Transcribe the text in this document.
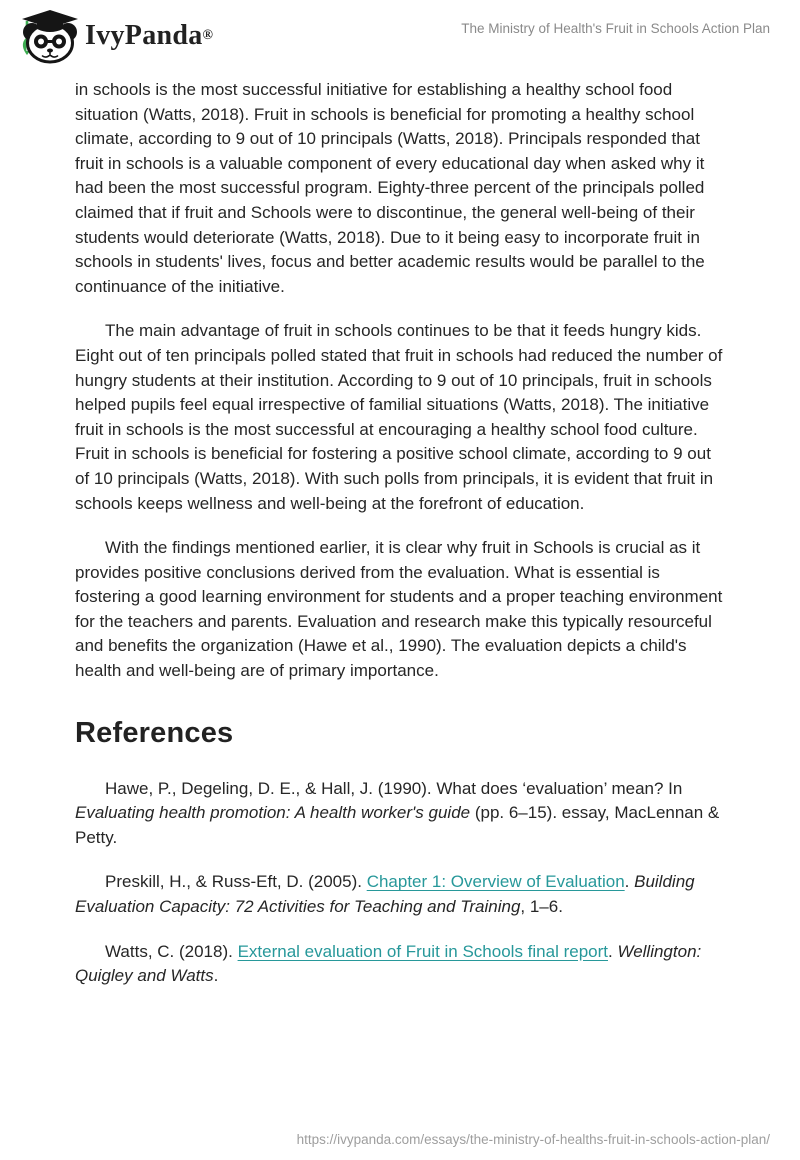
IvyPanda ®	The Ministry of Health's Fruit in Schools Action Plan

in schools is the most successful initiative for establishing a healthy school food situation (Watts, 2018). Fruit in schools is beneficial for promoting a healthy school climate, according to 9 out of 10 principals (Watts, 2018). Principals responded that fruit in schools is a valuable component of every educational day when asked why it had been the most successful program. Eighty-three percent of the principals polled claimed that if fruit and Schools were to discontinue, the general well-being of their students would deteriorate (Watts, 2018). Due to it being easy to incorporate fruit in schools in students' lives, focus and better academic results would be parallel to the continuance of the initiative.

The main advantage of fruit in schools continues to be that it feeds hungry kids. Eight out of ten principals polled stated that fruit in schools had reduced the number of hungry students at their institution. According to 9 out of 10 principals, fruit in schools helped pupils feel equal irrespective of familial situations (Watts, 2018). The initiative fruit in schools is the most successful at encouraging a healthy school food culture. Fruit in schools is beneficial for fostering a positive school climate, according to 9 out of 10 principals (Watts, 2018). With such polls from principals, it is evident that fruit in schools keeps wellness and well-being at the forefront of education.

With the findings mentioned earlier, it is clear why fruit in Schools is crucial as it provides positive conclusions derived from the evaluation. What is essential is fostering a good learning environment for students and a proper teaching environment for the teachers and parents. Evaluation and research make this typically resourceful and benefits the organization (Hawe et al., 1990). The evaluation depicts a child's health and well-being are of primary importance.

References

Hawe, P., Degeling, D. E., & Hall, J. (1990). What does ‘evaluation’ mean? In Evaluating health promotion: A health worker's guide (pp. 6–15). essay, MacLennan & Petty.

Preskill, H., & Russ-Eft, D. (2005). Chapter 1: Overview of Evaluation. Building Evaluation Capacity: 72 Activities for Teaching and Training, 1–6.

Watts, C. (2018). External evaluation of Fruit in Schools final report. Wellington: Quigley and Watts.

https://ivypanda.com/essays/the-ministry-of-healths-fruit-in-schools-action-plan/
